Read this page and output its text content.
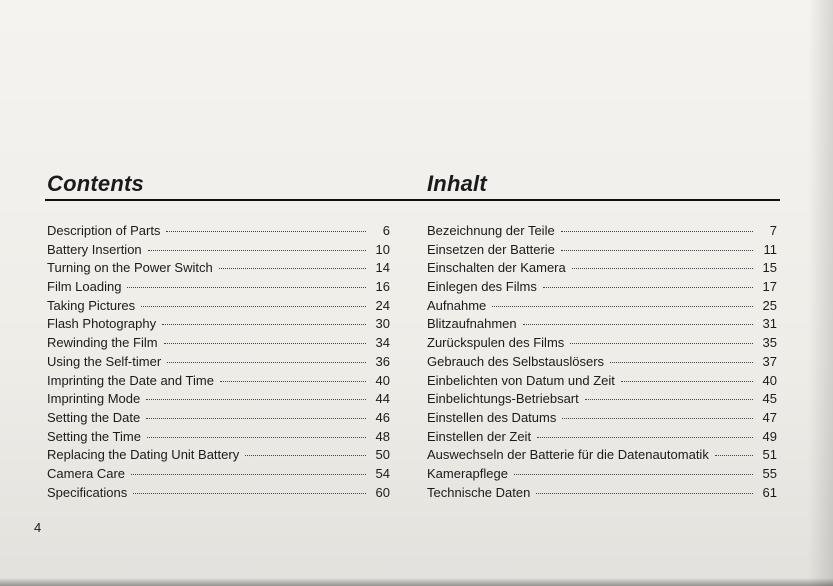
Contents
Description of Parts	6
Battery Insertion	10
Turning on the Power Switch	14
Film Loading	16
Taking Pictures	24
Flash Photography	30
Rewinding the Film	34
Using the Self-timer	36
Imprinting the Date and Time	40
Imprinting Mode	44
Setting the Date	46
Setting the Time	48
Replacing the Dating Unit Battery	50
Camera Care	54
Specifications	60
Inhalt
Bezeichnung der Teile	7
Einsetzen der Batterie	11
Einschalten der Kamera	15
Einlegen des Films	17
Aufnahme	25
Blitzaufnahmen	31
Zurückspulen des Films	35
Gebrauch des Selbstauslösers	37
Einbelichten von Datum und Zeit	40
Einbelichtungs-Betriebsart	45
Einstellen des Datums	47
Einstellen der Zeit	49
Auswechseln der Batterie für die Datenautomatik	51
Kamerapflege	55
Technische Daten	61
4
